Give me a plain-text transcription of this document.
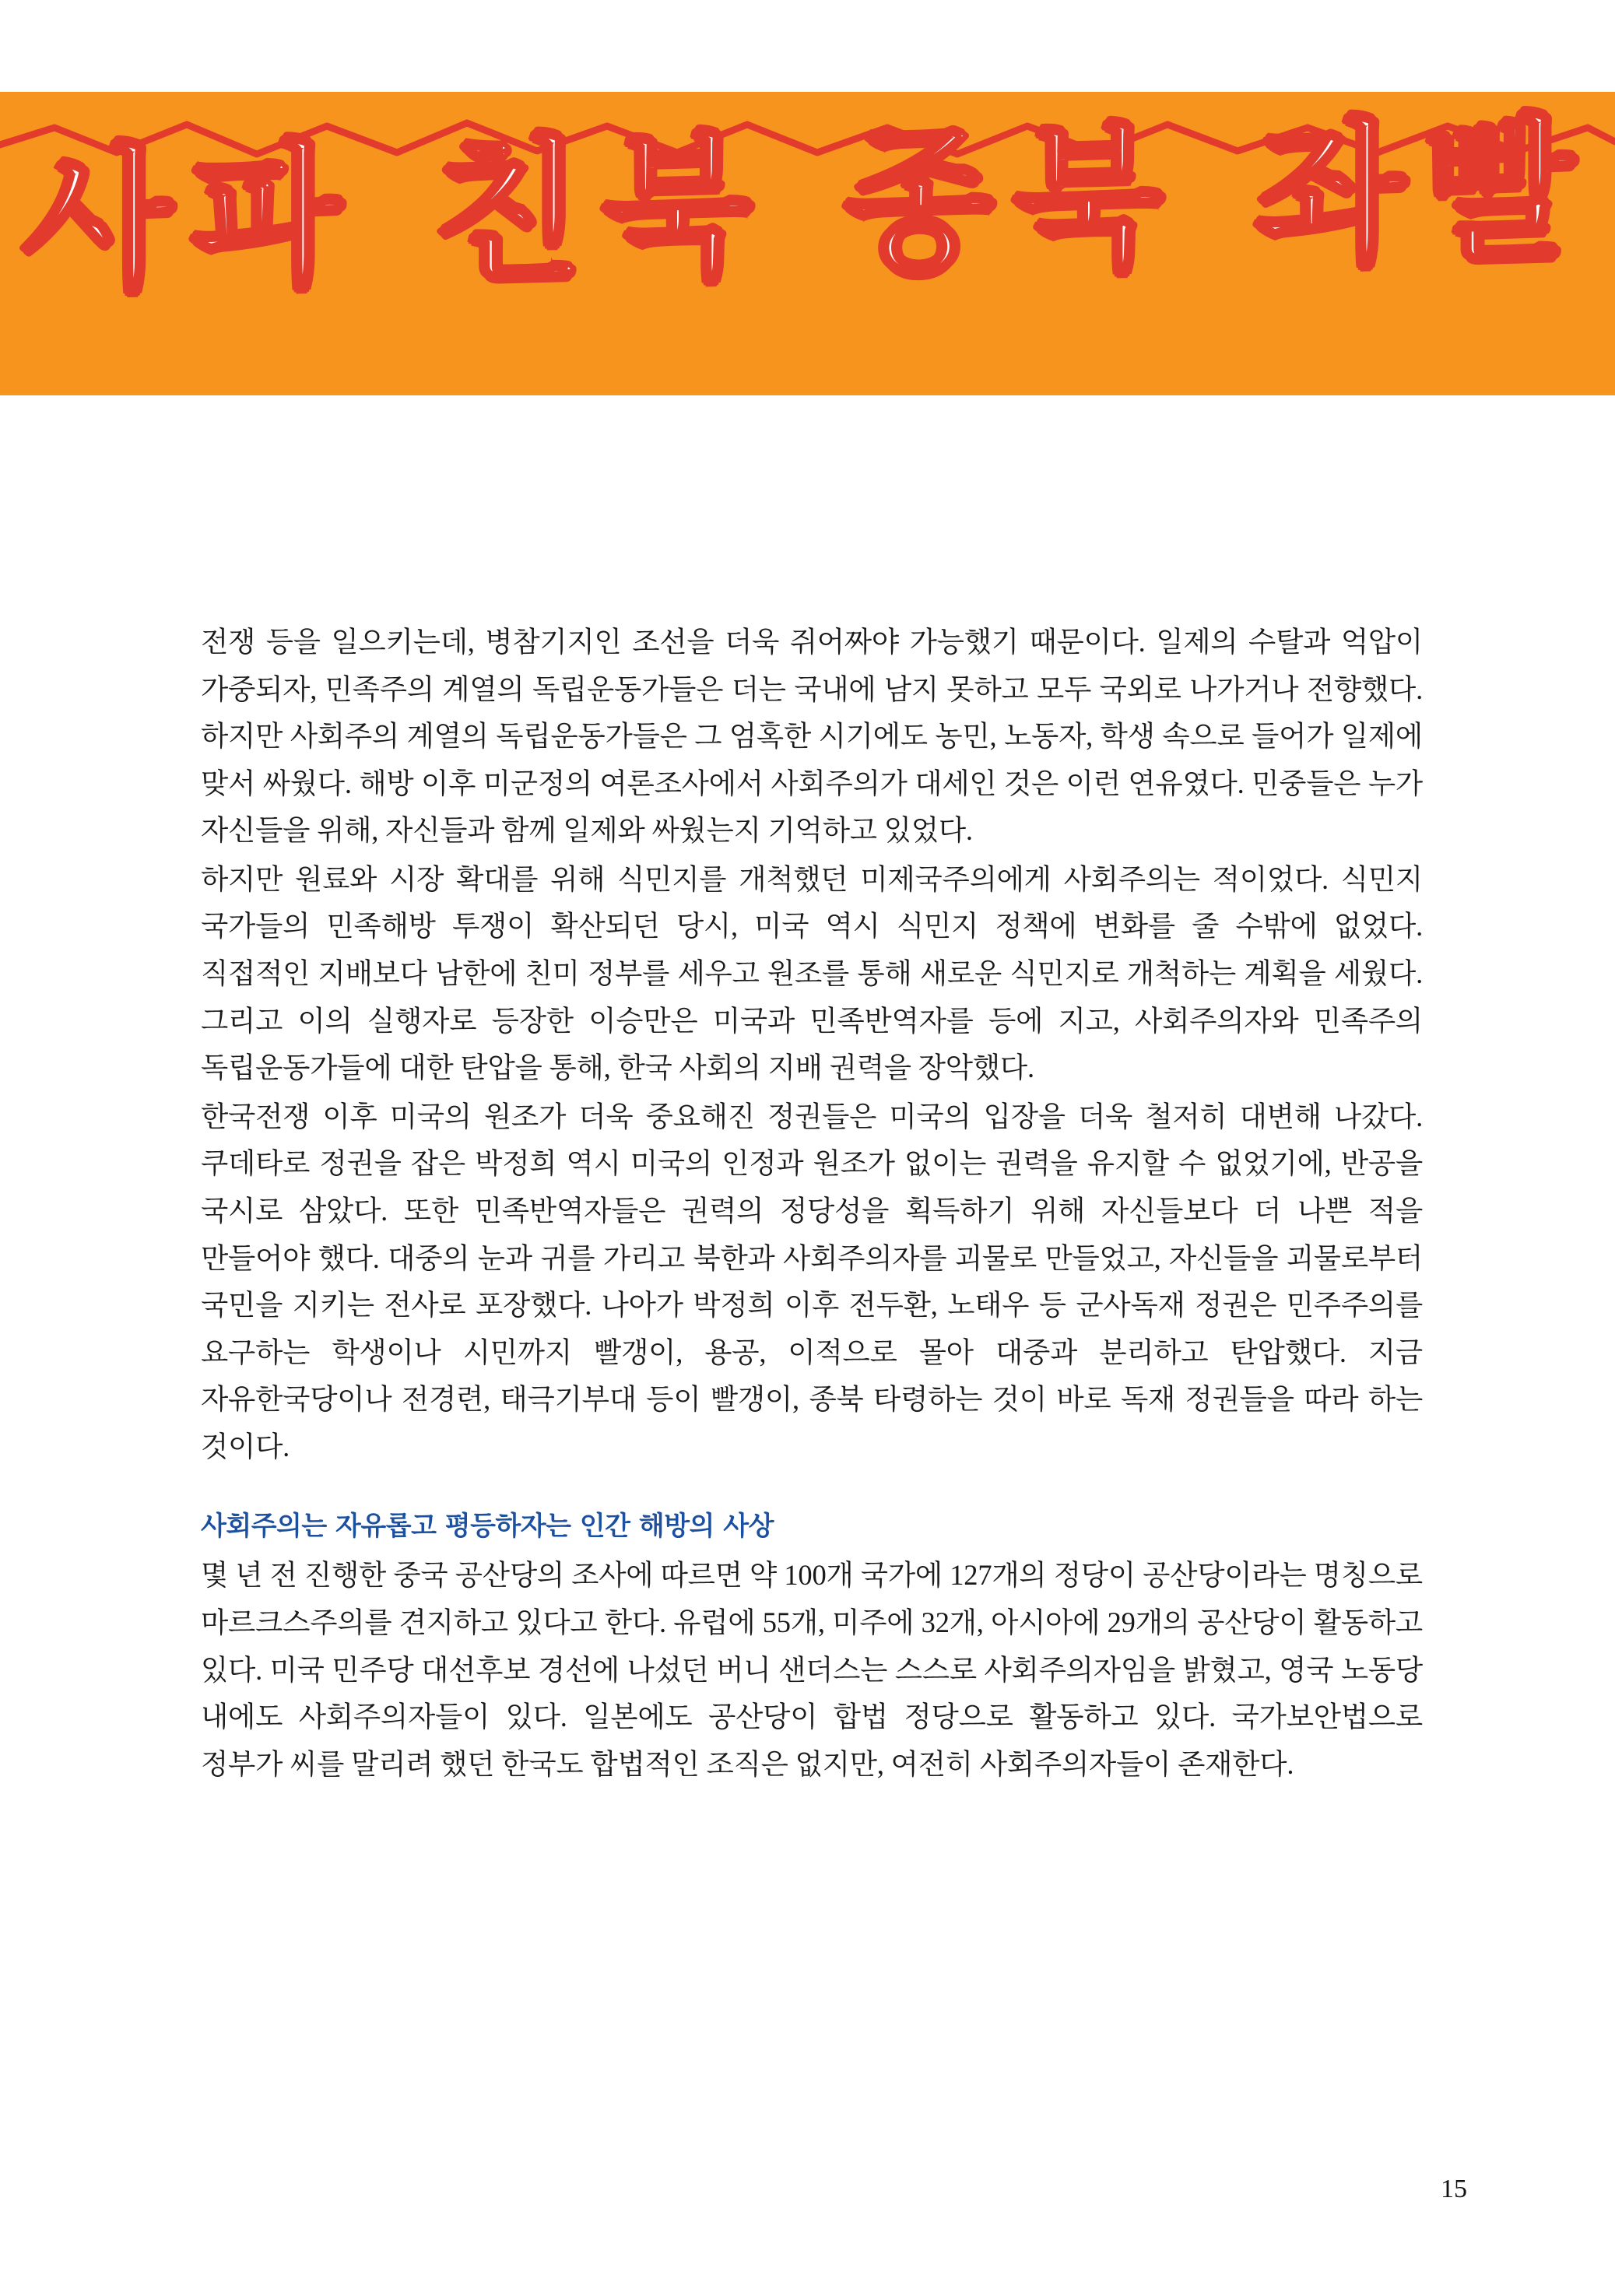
사파 친북 종북 좌빨

전쟁 등을 일으키는데, 병참기지인 조선을 더욱 쥐어짜야 가능했기 때문이다. 일제의 수탈과 억압이 가중되자, 민족주의 계열의 독립운동가들은 더는 국내에 남지 못하고 모두 국외로 나가거나 전향했다. 하지만 사회주의 계열의 독립운동가들은 그 엄혹한 시기에도 농민, 노동자, 학생 속으로 들어가 일제에 맞서 싸웠다. 해방 이후 미군정의 여론조사에서 사회주의가 대세인 것은 이런 연유였다. 민중들은 누가 자신들을 위해, 자신들과 함께 일제와 싸웠는지 기억하고 있었다.

하지만 원료와 시장 확대를 위해 식민지를 개척했던 미제국주의에게 사회주의는 적이었다. 식민지 국가들의 민족해방 투쟁이 확산되던 당시, 미국 역시 식민지 정책에 변화를 줄 수밖에 없었다. 직접적인 지배보다 남한에 친미 정부를 세우고 원조를 통해 새로운 식민지로 개척하는 계획을 세웠다. 그리고 이의 실행자로 등장한 이승만은 미국과 민족반역자를 등에 지고, 사회주의자와 민족주의 독립운동가들에 대한 탄압을 통해, 한국 사회의 지배 권력을 장악했다.

한국전쟁 이후 미국의 원조가 더욱 중요해진 정권들은 미국의 입장을 더욱 철저히 대변해 나갔다. 쿠데타로 정권을 잡은 박정희 역시 미국의 인정과 원조가 없이는 권력을 유지할 수 없었기에, 반공을 국시로 삼았다. 또한 민족반역자들은 권력의 정당성을 획득하기 위해 자신들보다 더 나쁜 적을 만들어야 했다. 대중의 눈과 귀를 가리고 북한과 사회주의자를 괴물로 만들었고, 자신들을 괴물로부터 국민을 지키는 전사로 포장했다. 나아가 박정희 이후 전두환, 노태우 등 군사독재 정권은 민주주의를 요구하는 학생이나 시민까지 빨갱이, 용공, 이적으로 몰아 대중과 분리하고 탄압했다. 지금 자유한국당이나 전경련, 태극기부대 등이 빨갱이, 종북 타령하는 것이 바로 독재 정권들을 따라 하는 것이다.

사회주의는 자유롭고 평등하자는 인간 해방의 사상

몇 년 전 진행한 중국 공산당의 조사에 따르면 약 100개 국가에 127개의 정당이 공산당이라는 명칭으로 마르크스주의를 견지하고 있다고 한다. 유럽에 55개, 미주에 32개, 아시아에 29개의 공산당이 활동하고 있다. 미국 민주당 대선후보 경선에 나섰던 버니 샌더스는 스스로 사회주의자임을 밝혔고, 영국 노동당 내에도 사회주의자들이 있다. 일본에도 공산당이 합법 정당으로 활동하고 있다. 국가보안법으로 정부가 씨를 말리려 했던 한국도 합법적인 조직은 없지만, 여전히 사회주의자들이 존재한다.

15
